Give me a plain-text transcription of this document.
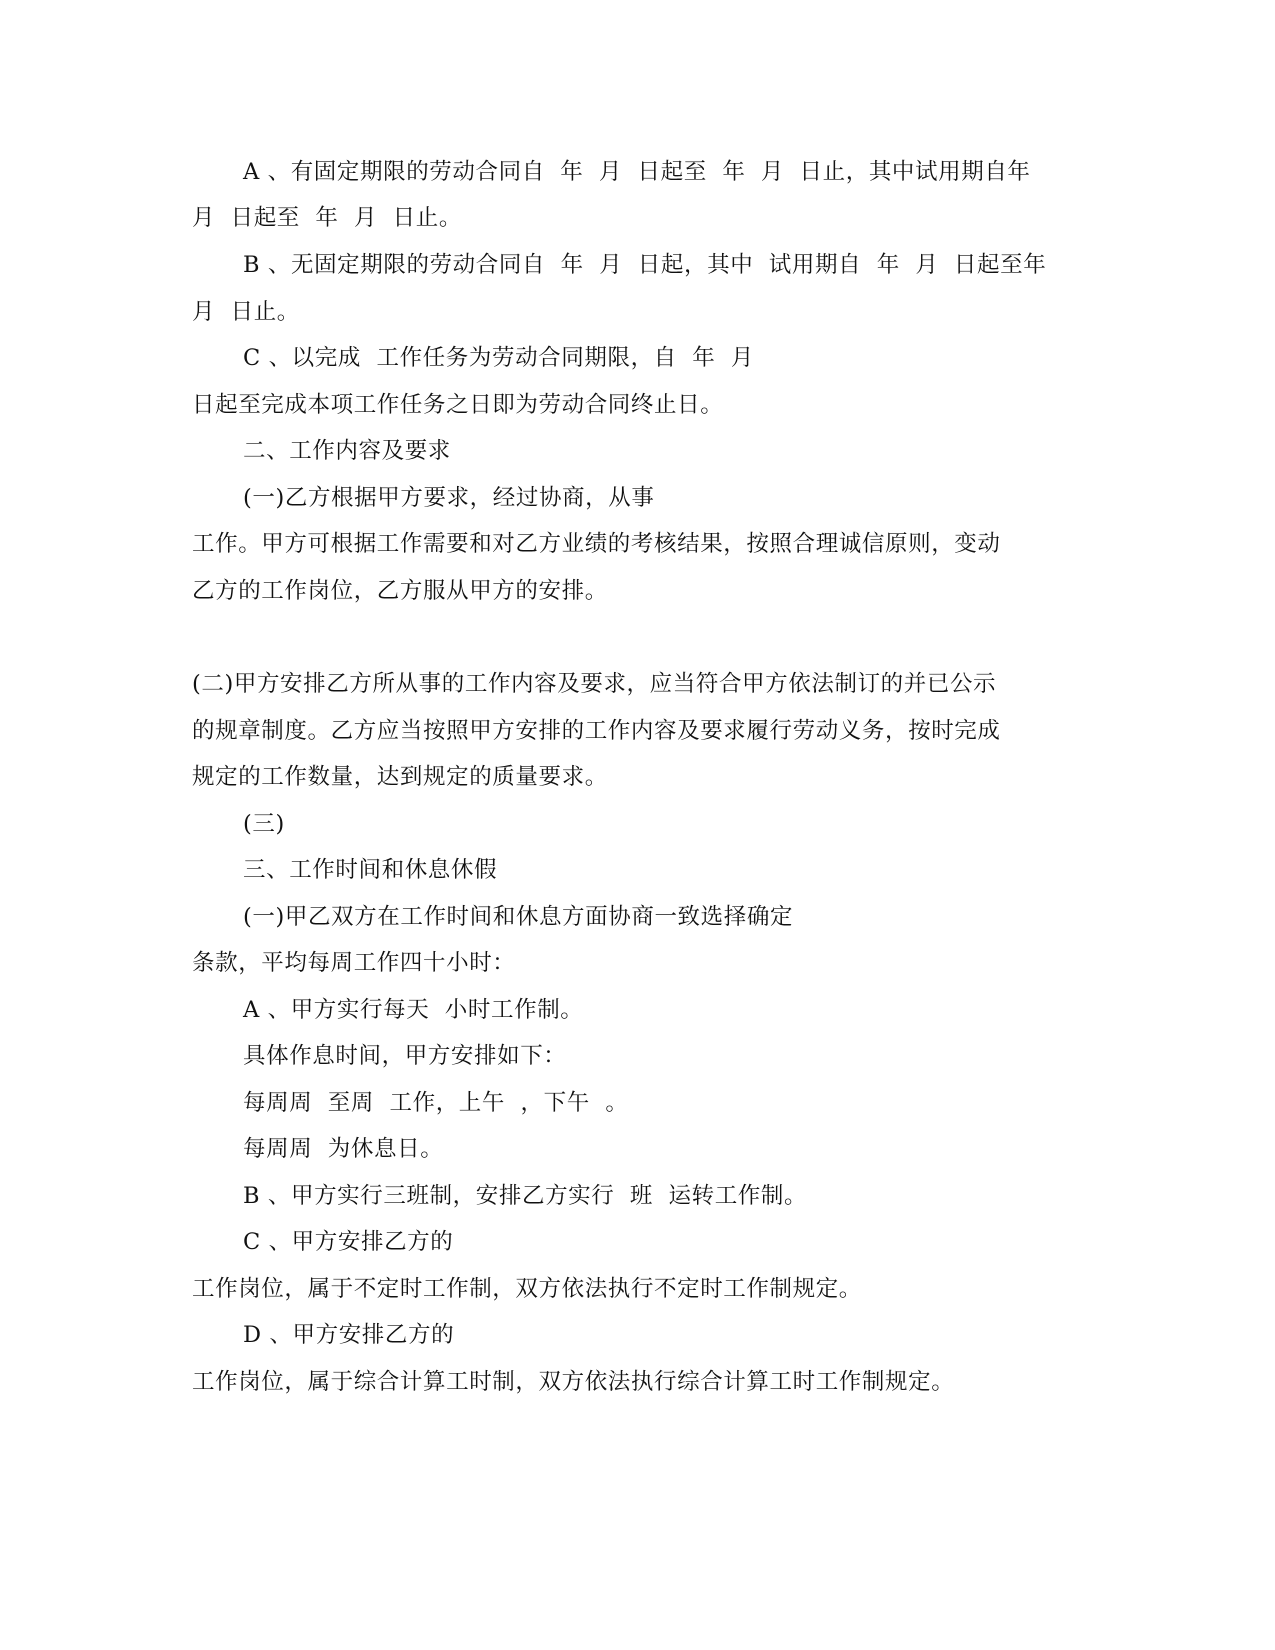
A 、有固定期限的劳动合同自  年  月  日起至  年  月  日止，其中试用期自年
月  日起至  年  月  日止。
B 、无固定期限的劳动合同自  年  月  日起，其中  试用期自  年  月  日起至年
月  日止。
C 、以完成  工作任务为劳动合同期限，自  年  月
日起至完成本项工作任务之日即为劳动合同终止日。
二、工作内容及要求
(一)乙方根据甲方要求，经过协商，从事
工作。甲方可根据工作需要和对乙方业绩的考核结果，按照合理诚信原则，变动
乙方的工作岗位，乙方服从甲方的安排。
(二)甲方安排乙方所从事的工作内容及要求，应当符合甲方依法制订的并已公示
的规章制度。乙方应当按照甲方安排的工作内容及要求履行劳动义务，按时完成
规定的工作数量，达到规定的质量要求。
(三)
三、工作时间和休息休假
(一)甲乙双方在工作时间和休息方面协商一致选择确定
条款，平均每周工作四十小时：
A 、甲方实行每天  小时工作制。
具体作息时间，甲方安排如下：
每周周  至周  工作，上午  ，下午  。
每周周  为休息日。
B 、甲方实行三班制，安排乙方实行  班  运转工作制。
C 、甲方安排乙方的
工作岗位，属于不定时工作制，双方依法执行不定时工作制规定。
D 、甲方安排乙方的
工作岗位，属于综合计算工时制，双方依法执行综合计算工时工作制规定。
